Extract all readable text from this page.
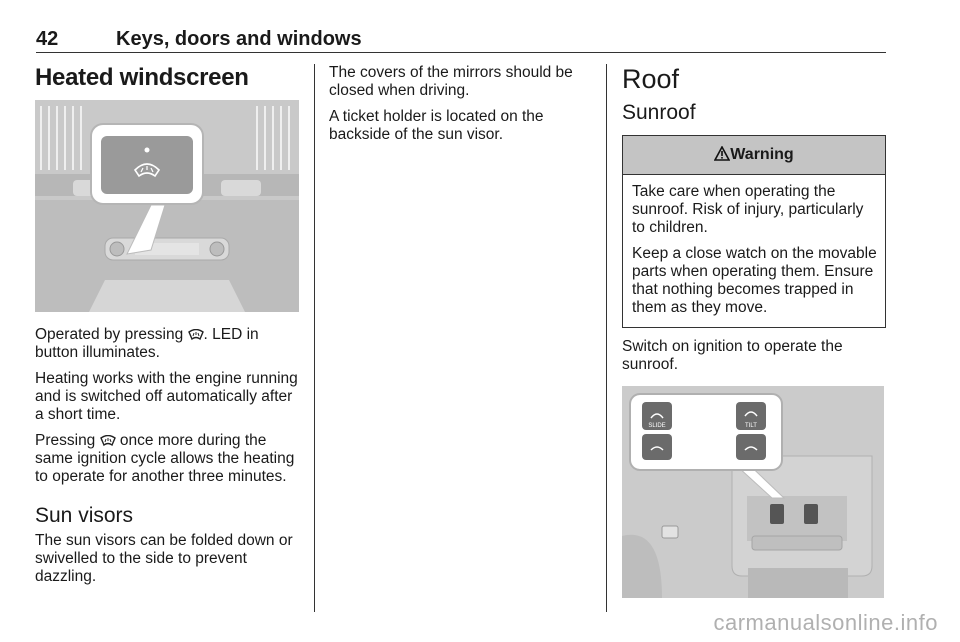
42	Keys, doors and windows
Heated windscreen

Operated by pressing . LED in button illuminates.

Heating works with the engine running and is switched off automatically after a short time.

Pressing  once more during the same ignition cycle allows the heating to operate for another three minutes.

Sun visors

The sun visors can be folded down or swivelled to the side to prevent dazzling.

The covers of the mirrors should be closed when driving.

A ticket holder is located on the backside of the sun visor.

Roof
Sunroof
Warning

Take care when operating the sunroof. Risk of injury, particularly to children.

Keep a close watch on the movable parts when operating them. Ensure that nothing becomes trapped in them as they move.

Switch on ignition to operate the sunroof.

SLIDE	TILT
carmanualsonline.info
